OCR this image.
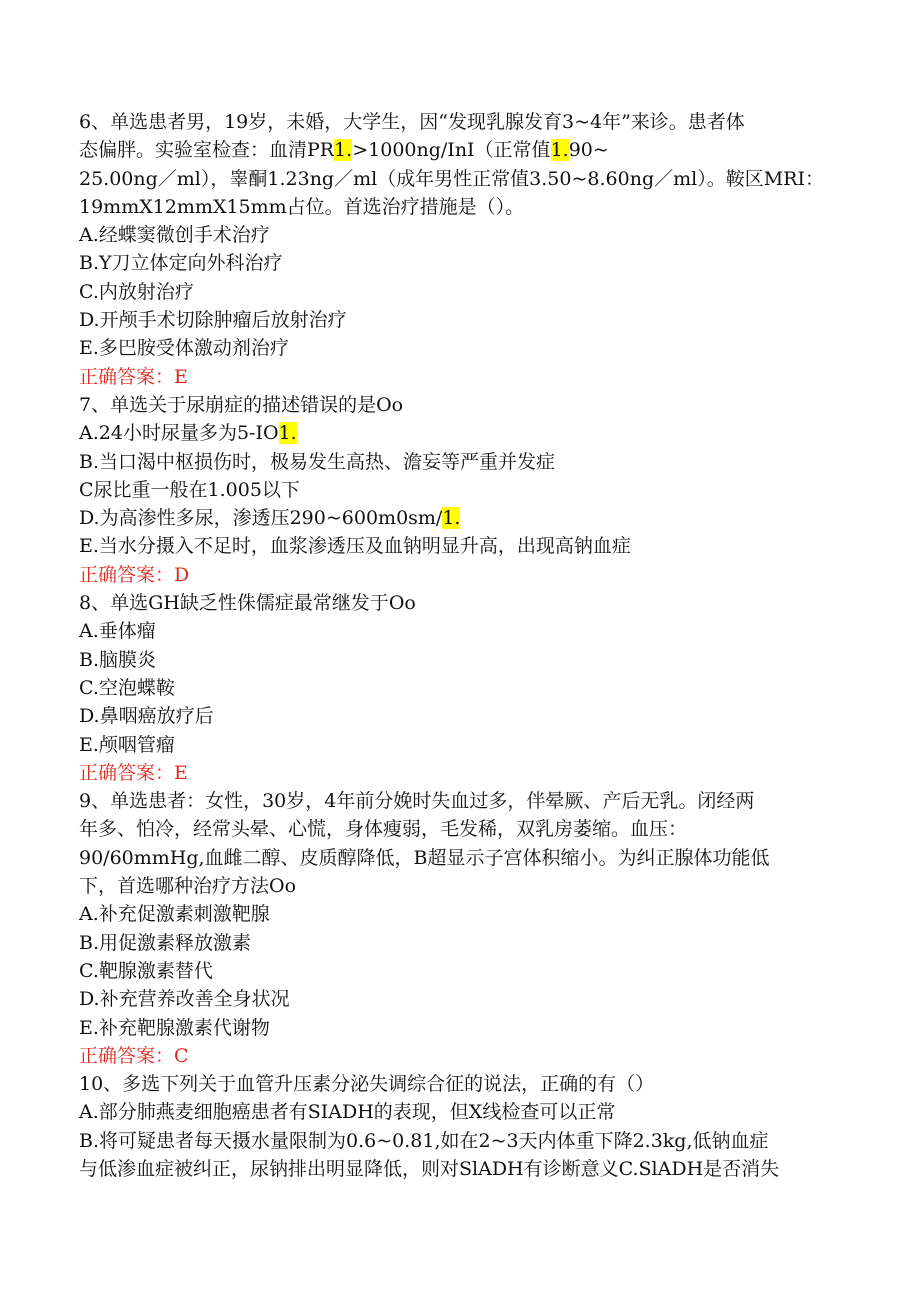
6、单选患者男，19岁，未婚，大学生，因“发现乳腺发育3~4年”来诊。患者体
态偏胖。实验室检查：血清PR1.>1000ng/InI（正常值1.90~
25.00ng／ml），睾酮1.23ng／ml（成年男性正常值3.50~8.60ng／ml）。鞍区MRI：
19mmX12mmX15mm占位。首选治疗措施是（）。
A.经蝶窦微创手术治疗
B.Y刀立体定向外科治疗
C.内放射治疗
D.开颅手术切除肿瘤后放射治疗
E.多巴胺受体激动剂治疗
正确答案：E
7、单选关于尿崩症的描述错误的是Oo
A.24小时尿量多为5-IO1.
B.当口渴中枢损伤时，极易发生高热、澹妄等严重并发症
C尿比重一般在1.005以下
D.为高渗性多尿，渗透压290~600m0sm/1.
E.当水分摄入不足时，血浆渗透压及血钠明显升高，出现高钠血症
正确答案：D
8、单选GH缺乏性侏儒症最常继发于Oo
A.垂体瘤
B.脑膜炎
C.空泡蝶鞍
D.鼻咽癌放疗后
E.颅咽管瘤
正确答案：E
9、单选患者：女性，30岁，4年前分娩时失血过多，伴晕厥、产后无乳。闭经两
年多、怕冷，经常头晕、心慌，身体瘦弱，毛发稀，双乳房萎缩。血压：
90/60mmHg,血雌二醇、皮质醇降低，B超显示子宫体积缩小。为纠正腺体功能低
下，首选哪种治疗方法Oo
A.补充促激素刺激靶腺
B.用促激素释放激素
C.靶腺激素替代
D.补充营养改善全身状况
E.补充靶腺激素代谢物
正确答案：C
10、多选下列关于血管升压素分泌失调综合征的说法，正确的有（）
A.部分肺燕麦细胞癌患者有SIADH的表现，但X线检查可以正常
B.将可疑患者每天摄水量限制为0.6~0.81,如在2~3天内体重下降2.3kg,低钠血症
与低渗血症被纠正，尿钠排出明显降低，则对SlADH有诊断意义C.SlADH是否消失
